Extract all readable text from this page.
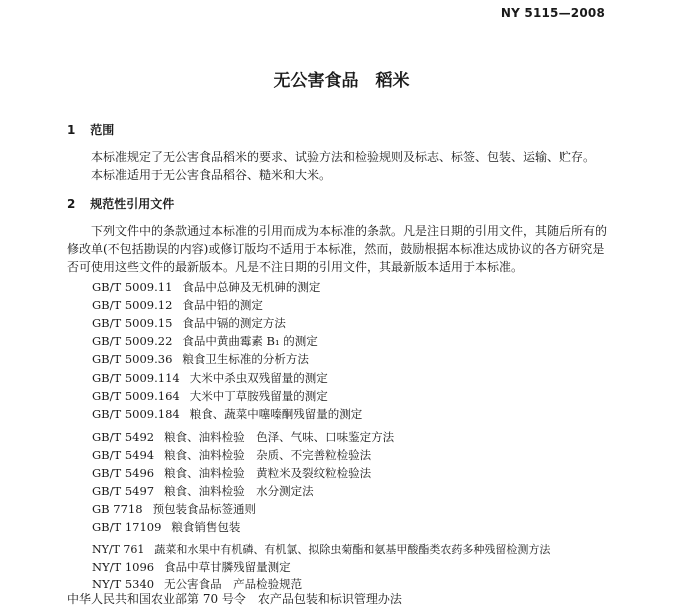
NY 5115—2008
无公害食品　稻米
1 范围
本标准规定了无公害食品稻米的要求、试验方法和检验规则及标志、标签、包装、运输、贮存。
本标准适用于无公害食品稻谷、糙米和大米。
2 规范性引用文件
下列文件中的条款通过本标准的引用而成为本标准的条款。凡是注日期的引用文件，其随后所有的修改单(不包括勘误的内容)或修订版均不适用于本标准，然而，鼓励根据本标准达成协议的各方研究是否可使用这些文件的最新版本。凡是不注日期的引用文件，其最新版本适用于本标准。
GB/T 5009.11 食品中总砷及无机砷的测定
GB/T 5009.12 食品中铅的测定
GB/T 5009.15 食品中镉的测定方法
GB/T 5009.22 食品中黄曲霉素 B₁ 的测定
GB/T 5009.36 粮食卫生标准的分析方法
GB/T 5009.114 大米中杀虫双残留量的测定
GB/T 5009.164 大米中丁草胺残留量的测定
GB/T 5009.184 粮食、蔬菜中噻嗪酮残留量的测定
GB/T 5492 粮食、油料检验　色泽、气味、口味鉴定方法
GB/T 5494 粮食、油料检验　杂质、不完善粒检验法
GB/T 5496 粮食、油料检验　黄粒米及裂纹粒检验法
GB/T 5497 粮食、油料检验　水分测定法
GB 7718 预包装食品标签通则
GB/T 17109 粮食销售包装
NY/T 761 蔬菜和水果中有机磷、有机氯、拟除虫菊酯和氨基甲酸酯类农药多种残留检测方法
NY/T 1096 食品中草甘膦残留量测定
NY/T 5340 无公害食品　产品检验规范
中华人民共和国农业部第 70 号令　农产品包装和标识管理办法
